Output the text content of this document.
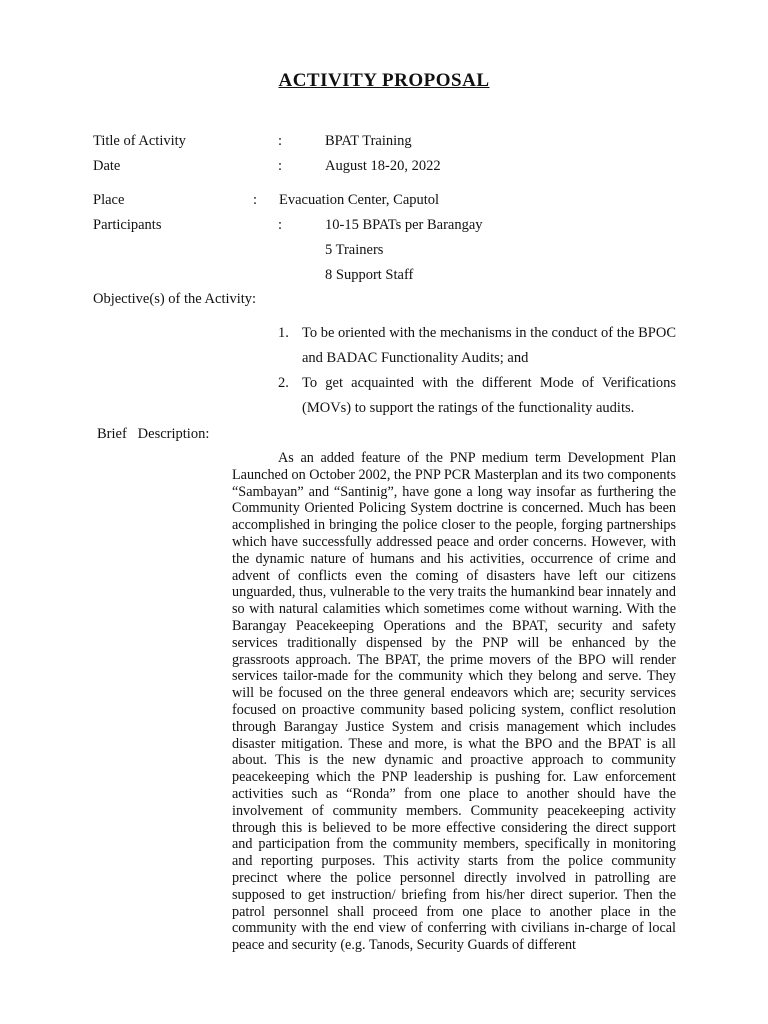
ACTIVITY PROPOSAL
Title of Activity	:	BPAT Training
Date	:	August 18-20, 2022
Place	: Evacuation Center, Caputol
Participants	:	10-15 BPATs per Barangay
5 Trainers
8 Support Staff
Objective(s) of the Activity:
1. To be oriented with the mechanisms in the conduct of the BPOC and BADAC Functionality Audits; and
2. To get acquainted with the different Mode of Verifications (MOVs) to support the ratings of the functionality audits.
Brief   Description:

As an added feature of the PNP medium term Development Plan Launched on October 2002, the PNP PCR Masterplan and its two components “Sambayan” and “Santinig”, have gone a long way insofar as furthering the Community Oriented Policing System doctrine is concerned. Much has been accomplished in bringing the police closer to the people, forging partnerships which have successfully addressed peace and order concerns. However, with the dynamic nature of humans and his activities, occurrence of crime and advent of conflicts even the coming of disasters have left our citizens unguarded, thus, vulnerable to the very traits the humankind bear innately and so with natural calamities which sometimes come without warning. With the Barangay Peacekeeping Operations and the BPAT, security and safety services traditionally dispensed by the PNP will be enhanced by the grassroots approach. The BPAT, the prime movers of the BPO will render services tailor-made for the community which they belong and serve. They will be focused on the three general endeavors which are; security services focused on proactive community based policing system, conflict resolution through Barangay Justice System and crisis management which includes disaster mitigation. These and more, is what the BPO and the BPAT is all about. This is the new dynamic and proactive approach to community peacekeeping which the PNP leadership is pushing for. Law enforcement activities such as “Ronda” from one place to another should have the involvement of community members. Community peacekeeping activity through this is believed to be more effective considering the direct support and participation from the community members, specifically in monitoring and reporting purposes. This activity starts from the police community precinct where the police personnel directly involved in patrolling are supposed to get instruction/ briefing from his/her direct superior. Then the patrol personnel shall proceed from one place to another place in the community with the end view of conferring with civilians in-charge of local peace and security (e.g. Tanods, Security Guards of different
